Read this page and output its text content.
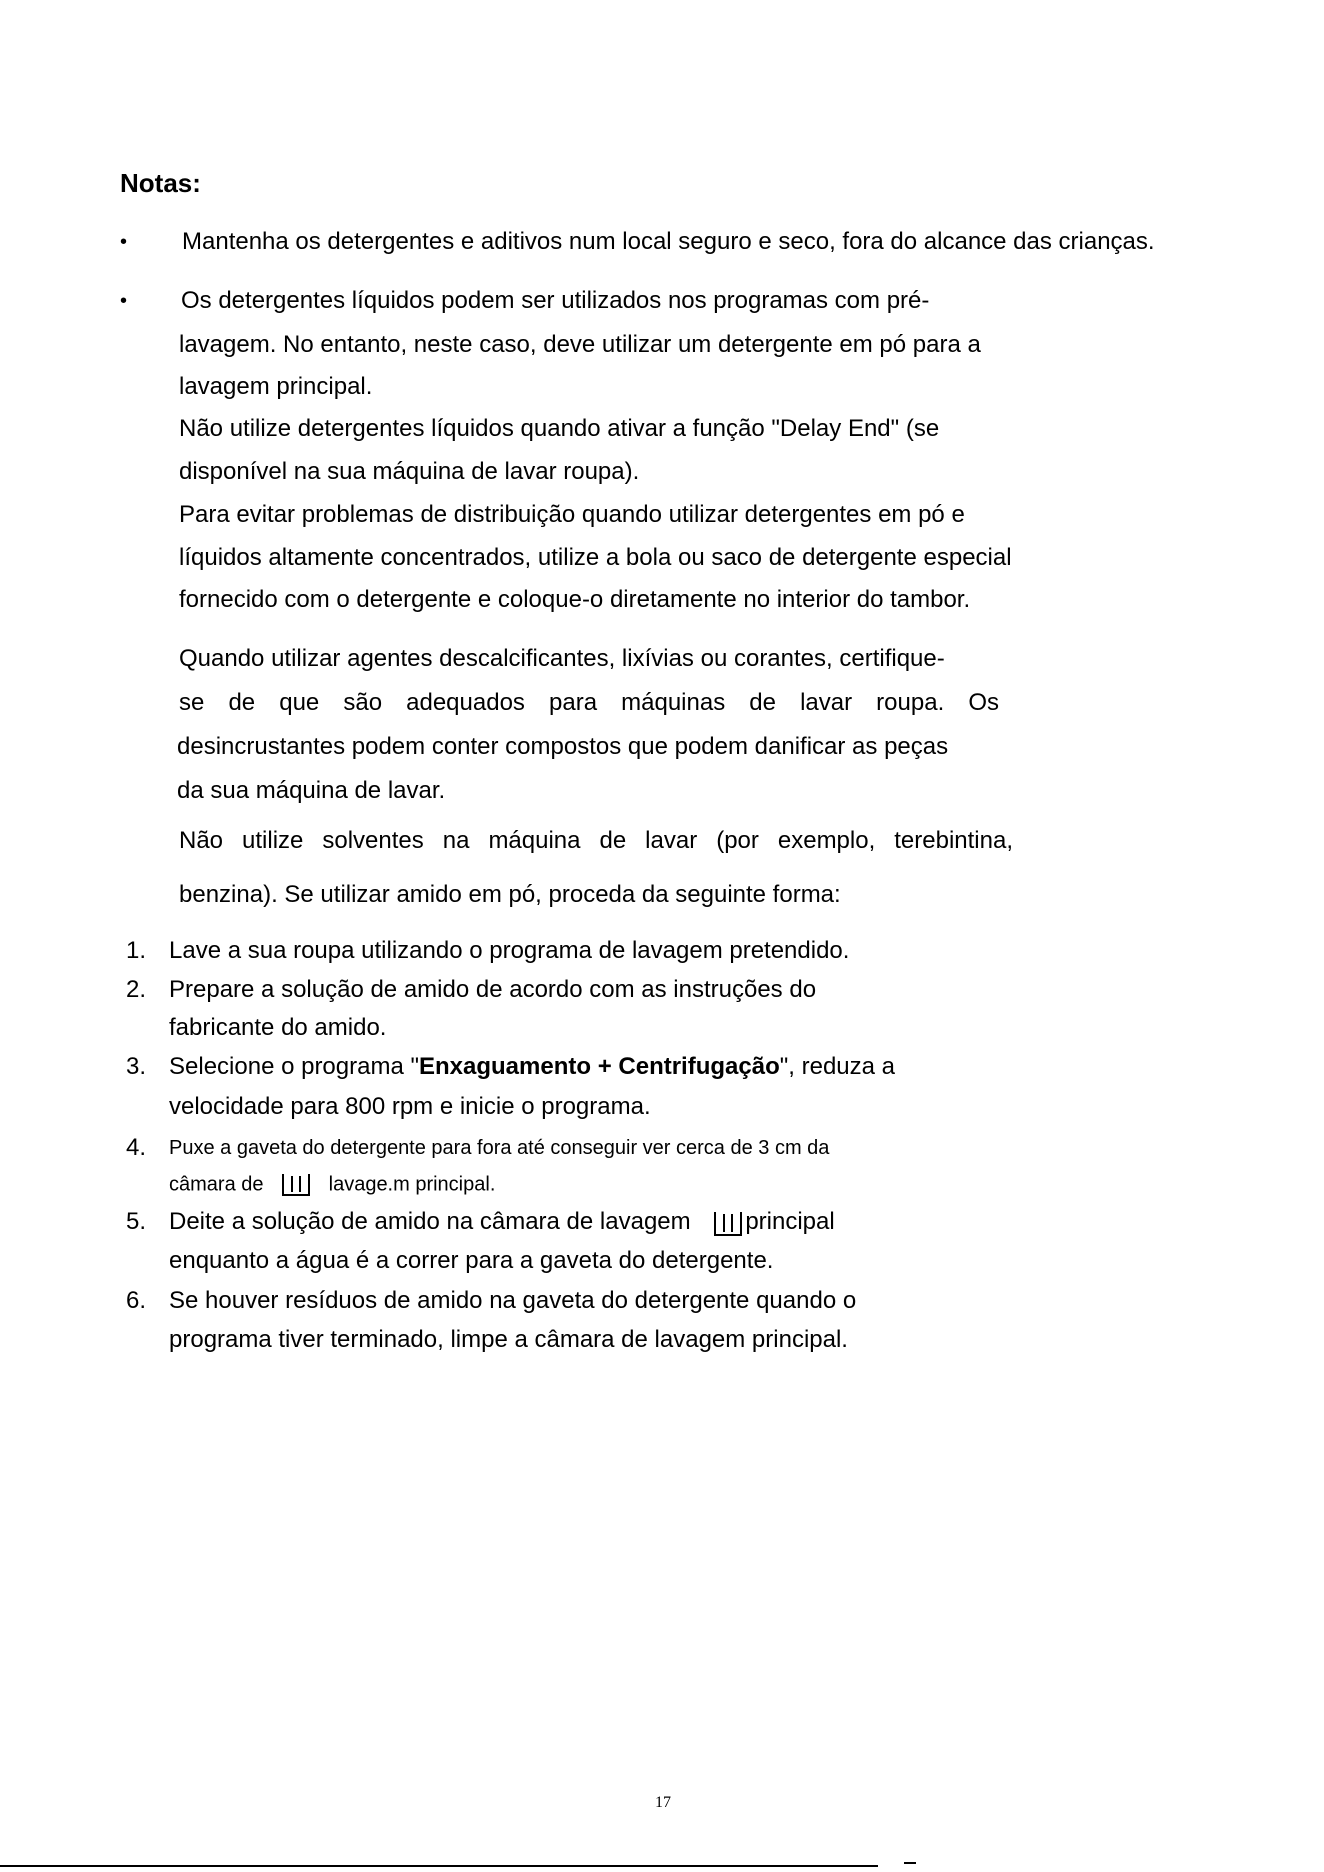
Notas:
• Mantenha os detergentes e aditivos num local seguro e seco, fora do alcance das crianças.
• Os detergentes líquidos podem ser utilizados nos programas com pré-
lavagem. No entanto, neste caso, deve utilizar um detergente em pó para a
lavagem principal.
Não utilize detergentes líquidos quando ativar a função "Delay End" (se
disponível na sua máquina de lavar roupa).
Para evitar problemas de distribuição quando utilizar detergentes em pó e
líquidos altamente concentrados, utilize a bola ou saco de detergente especial
fornecido com o detergente e coloque-o diretamente no interior do tambor.
Quando utilizar agentes descalcificantes, lixívias ou corantes, certifique-
se de que são adequados para máquinas de lavar roupa. Os
desincrustantes podem conter compostos que podem danificar as peças
da sua máquina de lavar.
Não utilize solventes na máquina de lavar (por exemplo, terebintina,
benzina). Se utilizar amido em pó, proceda da seguinte forma:
1. Lave a sua roupa utilizando o programa de lavagem pretendido.
2. Prepare a solução de amido de acordo com as instruções do
fabricante do amido.
3. Selecione o programa "Enxaguamento + Centrifugação", reduza a
velocidade para 800 rpm e inicie o programa.
4. Puxe a gaveta do detergente para fora até conseguir ver cerca de 3 cm da
câmara de	lavage.m principal.
5. Deite a solução de amido na câmara de lavagem principal
enquanto a água é a correr para a gaveta do detergente.
6. Se houver resíduos de amido na gaveta do detergente quando o
programa tiver terminado, limpe a câmara de lavagem principal.
17
